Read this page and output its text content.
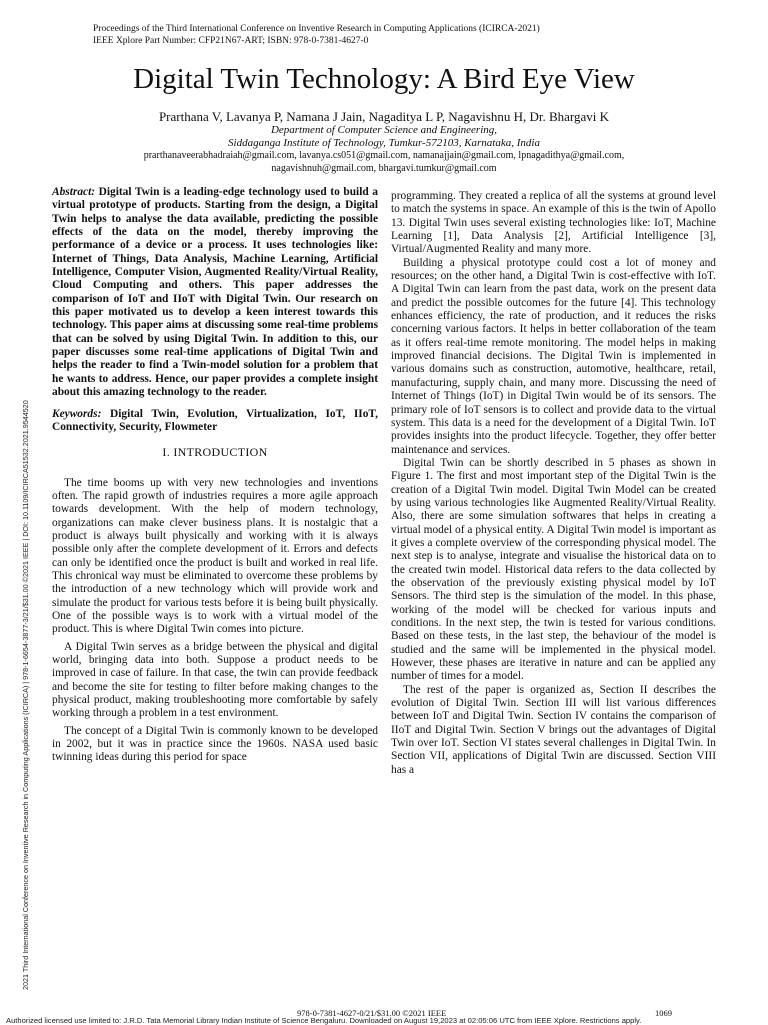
Proceedings of the Third International Conference on Inventive Research in Computing Applications (ICIRCA-2021)
IEEE Xplore Part Number: CFP21N67-ART; ISBN: 978-0-7381-4627-0
Digital Twin Technology: A Bird Eye View
Prarthana V, Lavanya P, Namana J Jain, Nagaditya L P, Nagavishnu H, Dr. Bhargavi K
Department of Computer Science and Engineering,
Siddaganga Institute of Technology, Tumkur-572103, Karnataka, India
prarthanaveerabhadraiah@gmail.com, lavanya.cs051@gmail.com, namanajjain@gmail.com, lpnagadithya@gmail.com,
nagavishnuh@gmail.com, bhargavi.tumkur@gmail.com
2021 Third International Conference on Inventive Research in Computing Applications (ICIRCA) | 978-1-6654-3877-3/21/$31.00 ©2021 IEEE | DOI: 10.1109/ICIRCA51532.2021.9544520

Abstract: Digital Twin is a leading-edge technology used to build a virtual prototype of products. Starting from the design, a Digital Twin helps to analyse the data available, predicting the possible effects of the data on the model, thereby improving the performance of a device or a process. It uses technologies like: Internet of Things, Data Analysis, Machine Learning, Artificial Intelligence, Computer Vision, Augmented Reality/Virtual Reality, Cloud Computing and others. This paper addresses the comparison of IoT and IIoT with Digital Twin. Our research on this paper motivated us to develop a keen interest towards this technology. This paper aims at discussing some real-time problems that can be solved by using Digital Twin. In addition to this, our paper discusses some real-time applications of Digital Twin and helps the reader to find a Twin-model solution for a problem that he wants to address. Hence, our paper provides a complete insight about this amazing technology to the reader.

Keywords: Digital Twin, Evolution, Virtualization, IoT, IIoT, Connectivity, Security, Flowmeter

I. INTRODUCTION

The time booms up with very new technologies and inventions often. The rapid growth of industries requires a more agile approach towards development. With the help of modern technology, organizations can make clever business plans. It is nostalgic that a product is always built physically and working with it is always possible only after the complete development of it. Errors and defects can only be identified once the product is built and worked in real life. This chronical way must be eliminated to overcome these problems by the introduction of a new technology which will provide work and simulate the product for various tests before it is being built physically. One of the possible ways is to work with a virtual model of the product. This is where Digital Twin comes into picture.

A Digital Twin serves as a bridge between the physical and digital world, bringing data into both. Suppose a product needs to be improved in case of failure. In that case, the twin can provide feedback and become the site for testing to filter before making changes to the physical product, making troubleshooting more comfortable by safely working through a problem in a test environment.

The concept of a Digital Twin is commonly known to be developed in 2002, but it was in practice since the 1960s. NASA used basic twinning ideas during this period for space

programming. They created a replica of all the systems at ground level to match the systems in space. An example of this is the twin of Apollo 13. Digital Twin uses several existing technologies like: IoT, Machine Learning [1], Data Analysis [2], Artificial Intelligence [3], Virtual/Augmented Reality and many more.

Building a physical prototype could cost a lot of money and resources; on the other hand, a Digital Twin is cost-effective with IoT. A Digital Twin can learn from the past data, work on the present data and predict the possible outcomes for the future [4]. This technology enhances efficiency, the rate of production, and it reduces the risks concerning various factors. It helps in better collaboration of the team as it offers real-time remote monitoring. The model helps in making improved financial decisions. The Digital Twin is implemented in various domains such as construction, automotive, healthcare, retail, manufacturing, supply chain, and many more. Discussing the need of Internet of Things (IoT) in Digital Twin would be of its sensors. The primary role of IoT sensors is to collect and provide data to the virtual system. This data is a need for the development of a Digital Twin. IoT provides insights into the product lifecycle. Together, they offer better maintenance and services.

Digital Twin can be shortly described in 5 phases as shown in Figure 1. The first and most important step of the Digital Twin is the creation of a Digital Twin model. Digital Twin Model can be created by using various technologies like Augmented Reality/Virtual Reality. Also, there are some simulation softwares that helps in creating a virtual model of a physical entity. A Digital Twin model is important as it gives a complete overview of the corresponding physical model. The next step is to analyse, integrate and visualise the historical data on to the created twin model. Historical data refers to the data collected by the observation of the previously existing physical model by IoT Sensors. The third step is the simulation of the model. In this phase, working of the model will be checked for various inputs and conditions. In the next step, the twin is tested for various conditions. Based on these tests, in the last step, the behaviour of the model is studied and the same will be implemented in the physical model. However, these phases are iterative in nature and can be applied any number of times for a model.

The rest of the paper is organized as, Section II describes the evolution of Digital Twin. Section III will list various differences between IoT and Digital Twin. Section IV contains the comparison of IIoT and Digital Twin. Section V brings out the advantages of Digital Twin over IoT. Section VI states several challenges in Digital Twin. In Section VII, applications of Digital Twin are discussed. Section VIII has a

978-0-7381-4627-0/21/$31.00 ©2021 IEEE	1069
Authorized licensed use limited to: J.R.D. Tata Memorial Library Indian Institute of Science Bengaluru. Downloaded on August 19,2023 at 02:05:06 UTC from IEEE Xplore. Restrictions apply.
